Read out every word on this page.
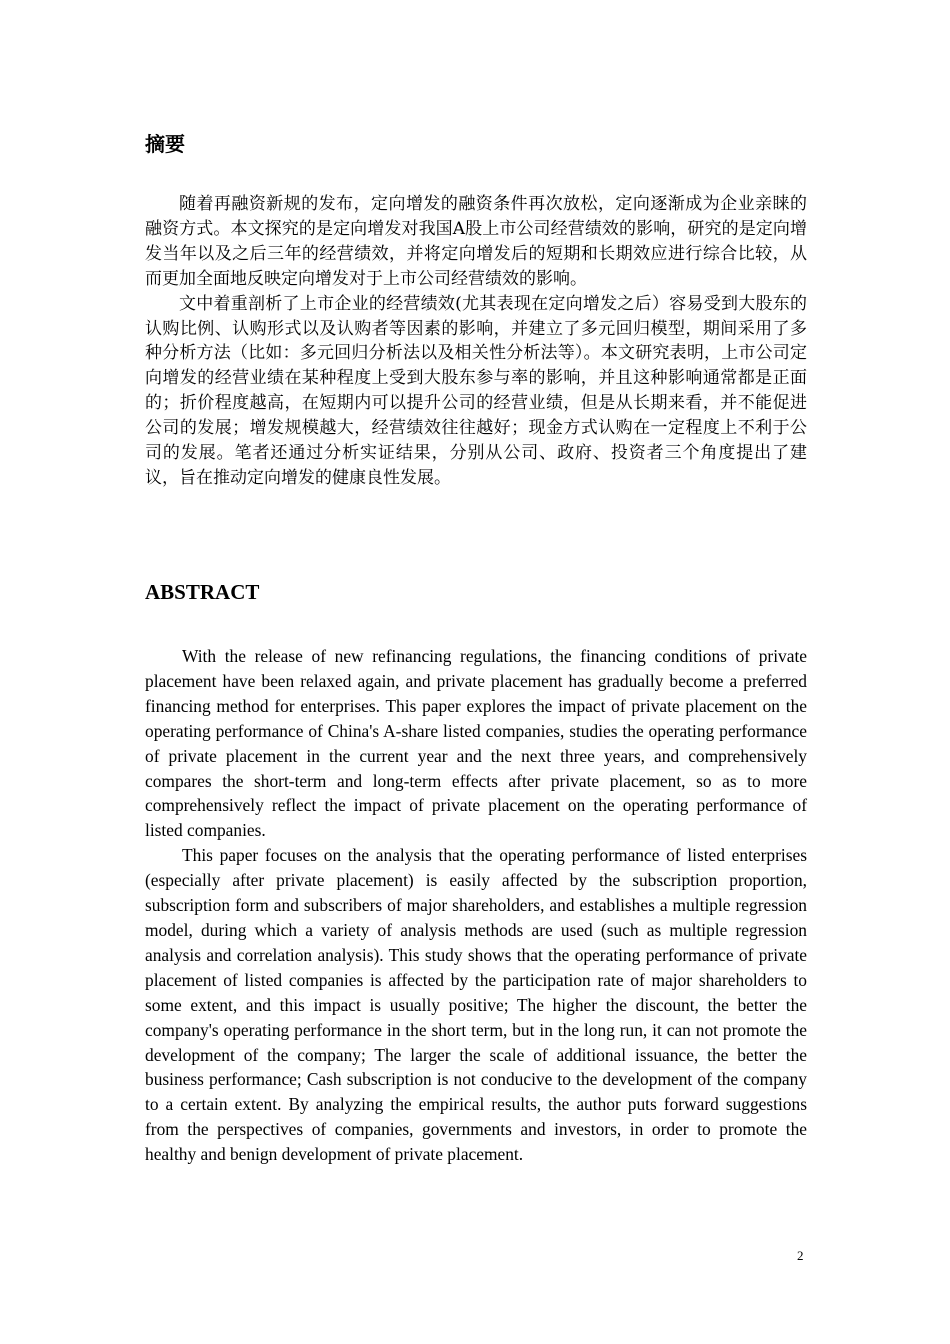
摘要

随着再融资新规的发布，定向增发的融资条件再次放松，定向逐渐成为企业亲睐的融资方式。本文探究的是定向增发对我国A股上市公司经营绩效的影响，研究的是定向增发当年以及之后三年的经营绩效，并将定向增发后的短期和长期效应进行综合比较，从而更加全面地反映定向增发对于上市公司经营绩效的影响。

文中着重剖析了上市企业的经营绩效(尤其表现在定向增发之后）容易受到大股东的认购比例、认购形式以及认购者等因素的影响，并建立了多元回归模型，期间采用了多种分析方法（比如：多元回归分析法以及相关性分析法等）。本文研究表明，上市公司定向增发的经营业绩在某种程度上受到大股东参与率的影响，并且这种影响通常都是正面的；折价程度越高，在短期内可以提升公司的经营业绩，但是从长期来看，并不能促进公司的发展；增发规模越大，经营绩效往往越好；现金方式认购在一定程度上不利于公司的发展。笔者还通过分析实证结果，分别从公司、政府、投资者三个角度提出了建议，旨在推动定向增发的健康良性发展。

ABSTRACT

With the release of new refinancing regulations, the financing conditions of private placement have been relaxed again, and private placement has gradually become a preferred financing method for enterprises. This paper explores the impact of private placement on the operating performance of China's A-share listed companies, studies the operating performance of private placement in the current year and the next three years, and comprehensively compares the short-term and long-term effects after private placement, so as to more comprehensively reflect the impact of private placement on the operating performance of listed companies.

This paper focuses on the analysis that the operating performance of listed enterprises (especially after private placement) is easily affected by the subscription proportion, subscription form and subscribers of major shareholders, and establishes a multiple regression model, during which a variety of analysis methods are used (such as multiple regression analysis and correlation analysis). This study shows that the operating performance of private placement of listed companies is affected by the participation rate of major shareholders to some extent, and this impact is usually positive; The higher the discount, the better the company's operating performance in the short term, but in the long run, it can not promote the development of the company; The larger the scale of additional issuance, the better the business performance; Cash subscription is not conducive to the development of the company to a certain extent. By analyzing the empirical results, the author puts forward suggestions from the perspectives of companies, governments and investors, in order to promote the healthy and benign development of private placement.

2
